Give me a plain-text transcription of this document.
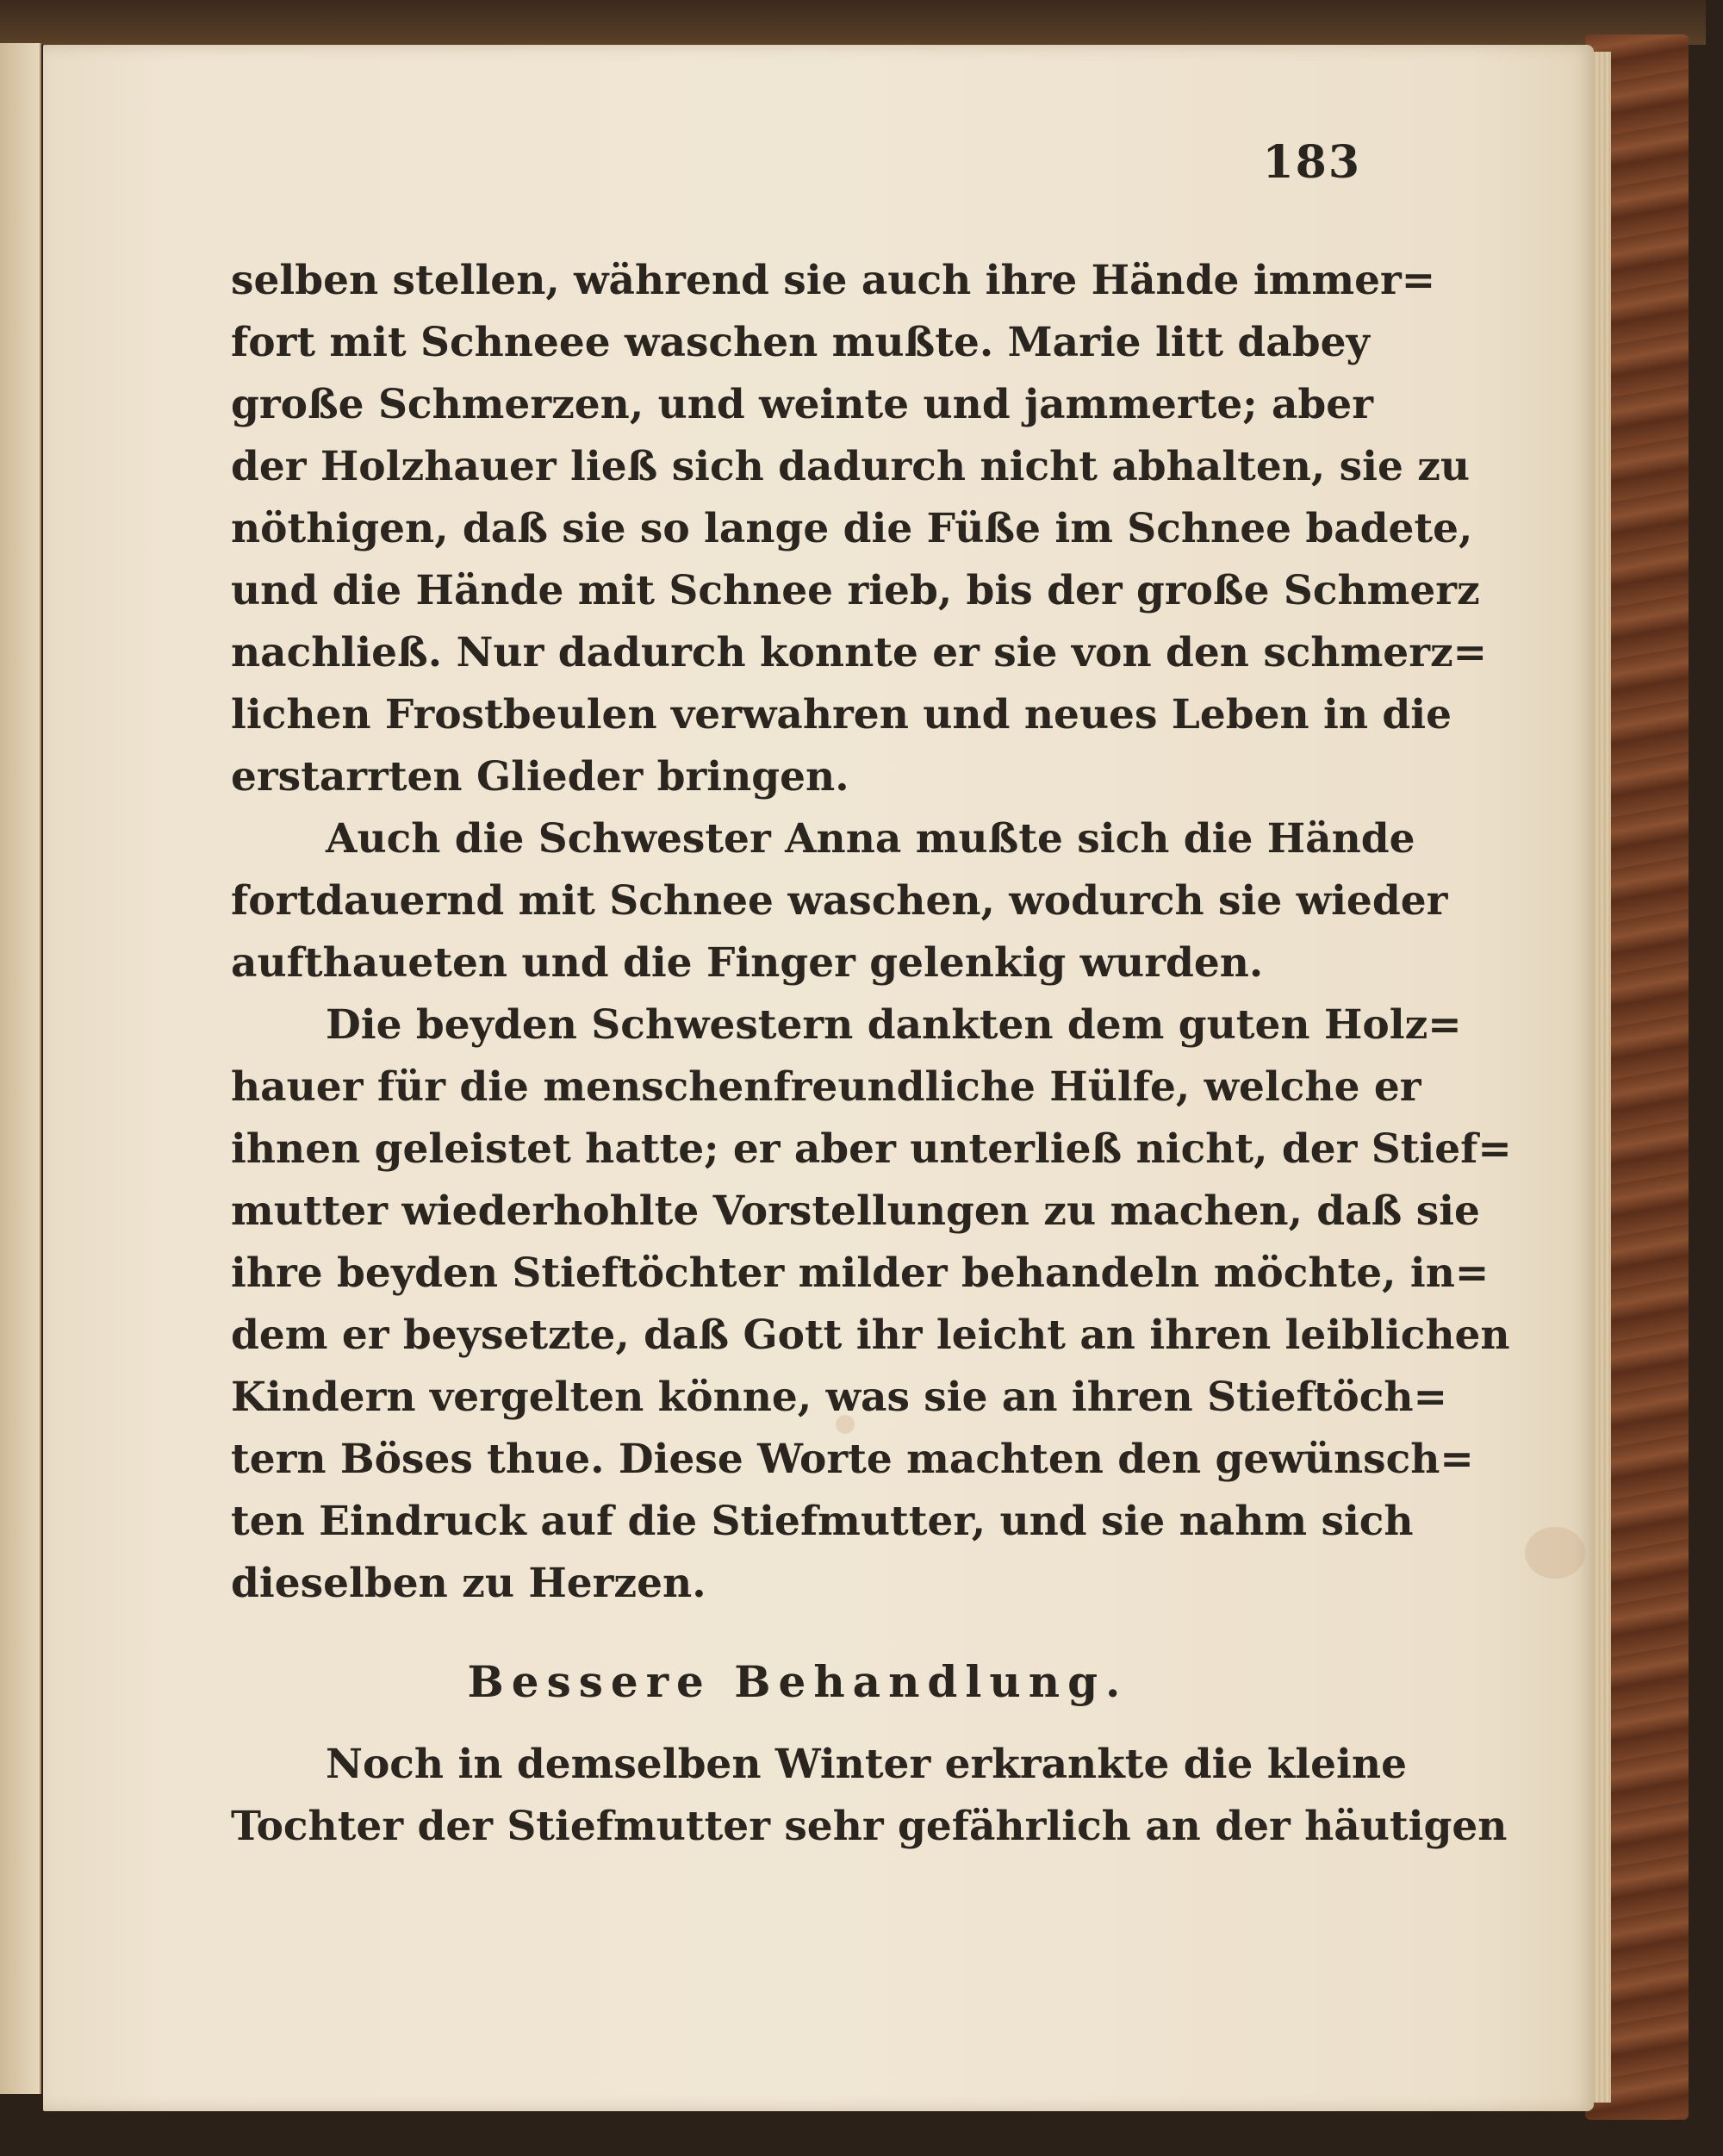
183
selben stellen, während sie auch ihre Hände immer=
fort mit Schneee waschen mußte. Marie litt dabey
große Schmerzen, und weinte und jammerte; aber
der Holzhauer ließ sich dadurch nicht abhalten, sie zu
nöthigen, daß sie so lange die Füße im Schnee badete,
und die Hände mit Schnee rieb, bis der große Schmerz
nachließ. Nur dadurch konnte er sie von den schmerz=
lichen Frostbeulen verwahren und neues Leben in die
erstarrten Glieder bringen.
Auch die Schwester Anna mußte sich die Hände
fortdauernd mit Schnee waschen, wodurch sie wieder
aufthaueten und die Finger gelenkig wurden.
Die beyden Schwestern dankten dem guten Holz=
hauer für die menschenfreundliche Hülfe, welche er
ihnen geleistet hatte; er aber unterließ nicht, der Stief=
mutter wiederhohlte Vorstellungen zu machen, daß sie
ihre beyden Stieftöchter milder behandeln möchte, in=
dem er beysetzte, daß Gott ihr leicht an ihren leiblichen
Kindern vergelten könne, was sie an ihren Stieftöch=
tern Böses thue. Diese Worte machten den gewünsch=
ten Eindruck auf die Stiefmutter, und sie nahm sich
dieselben zu Herzen.
Bessere Behandlung.
Noch in demselben Winter erkrankte die kleine
Tochter der Stiefmutter sehr gefährlich an der häutigen
